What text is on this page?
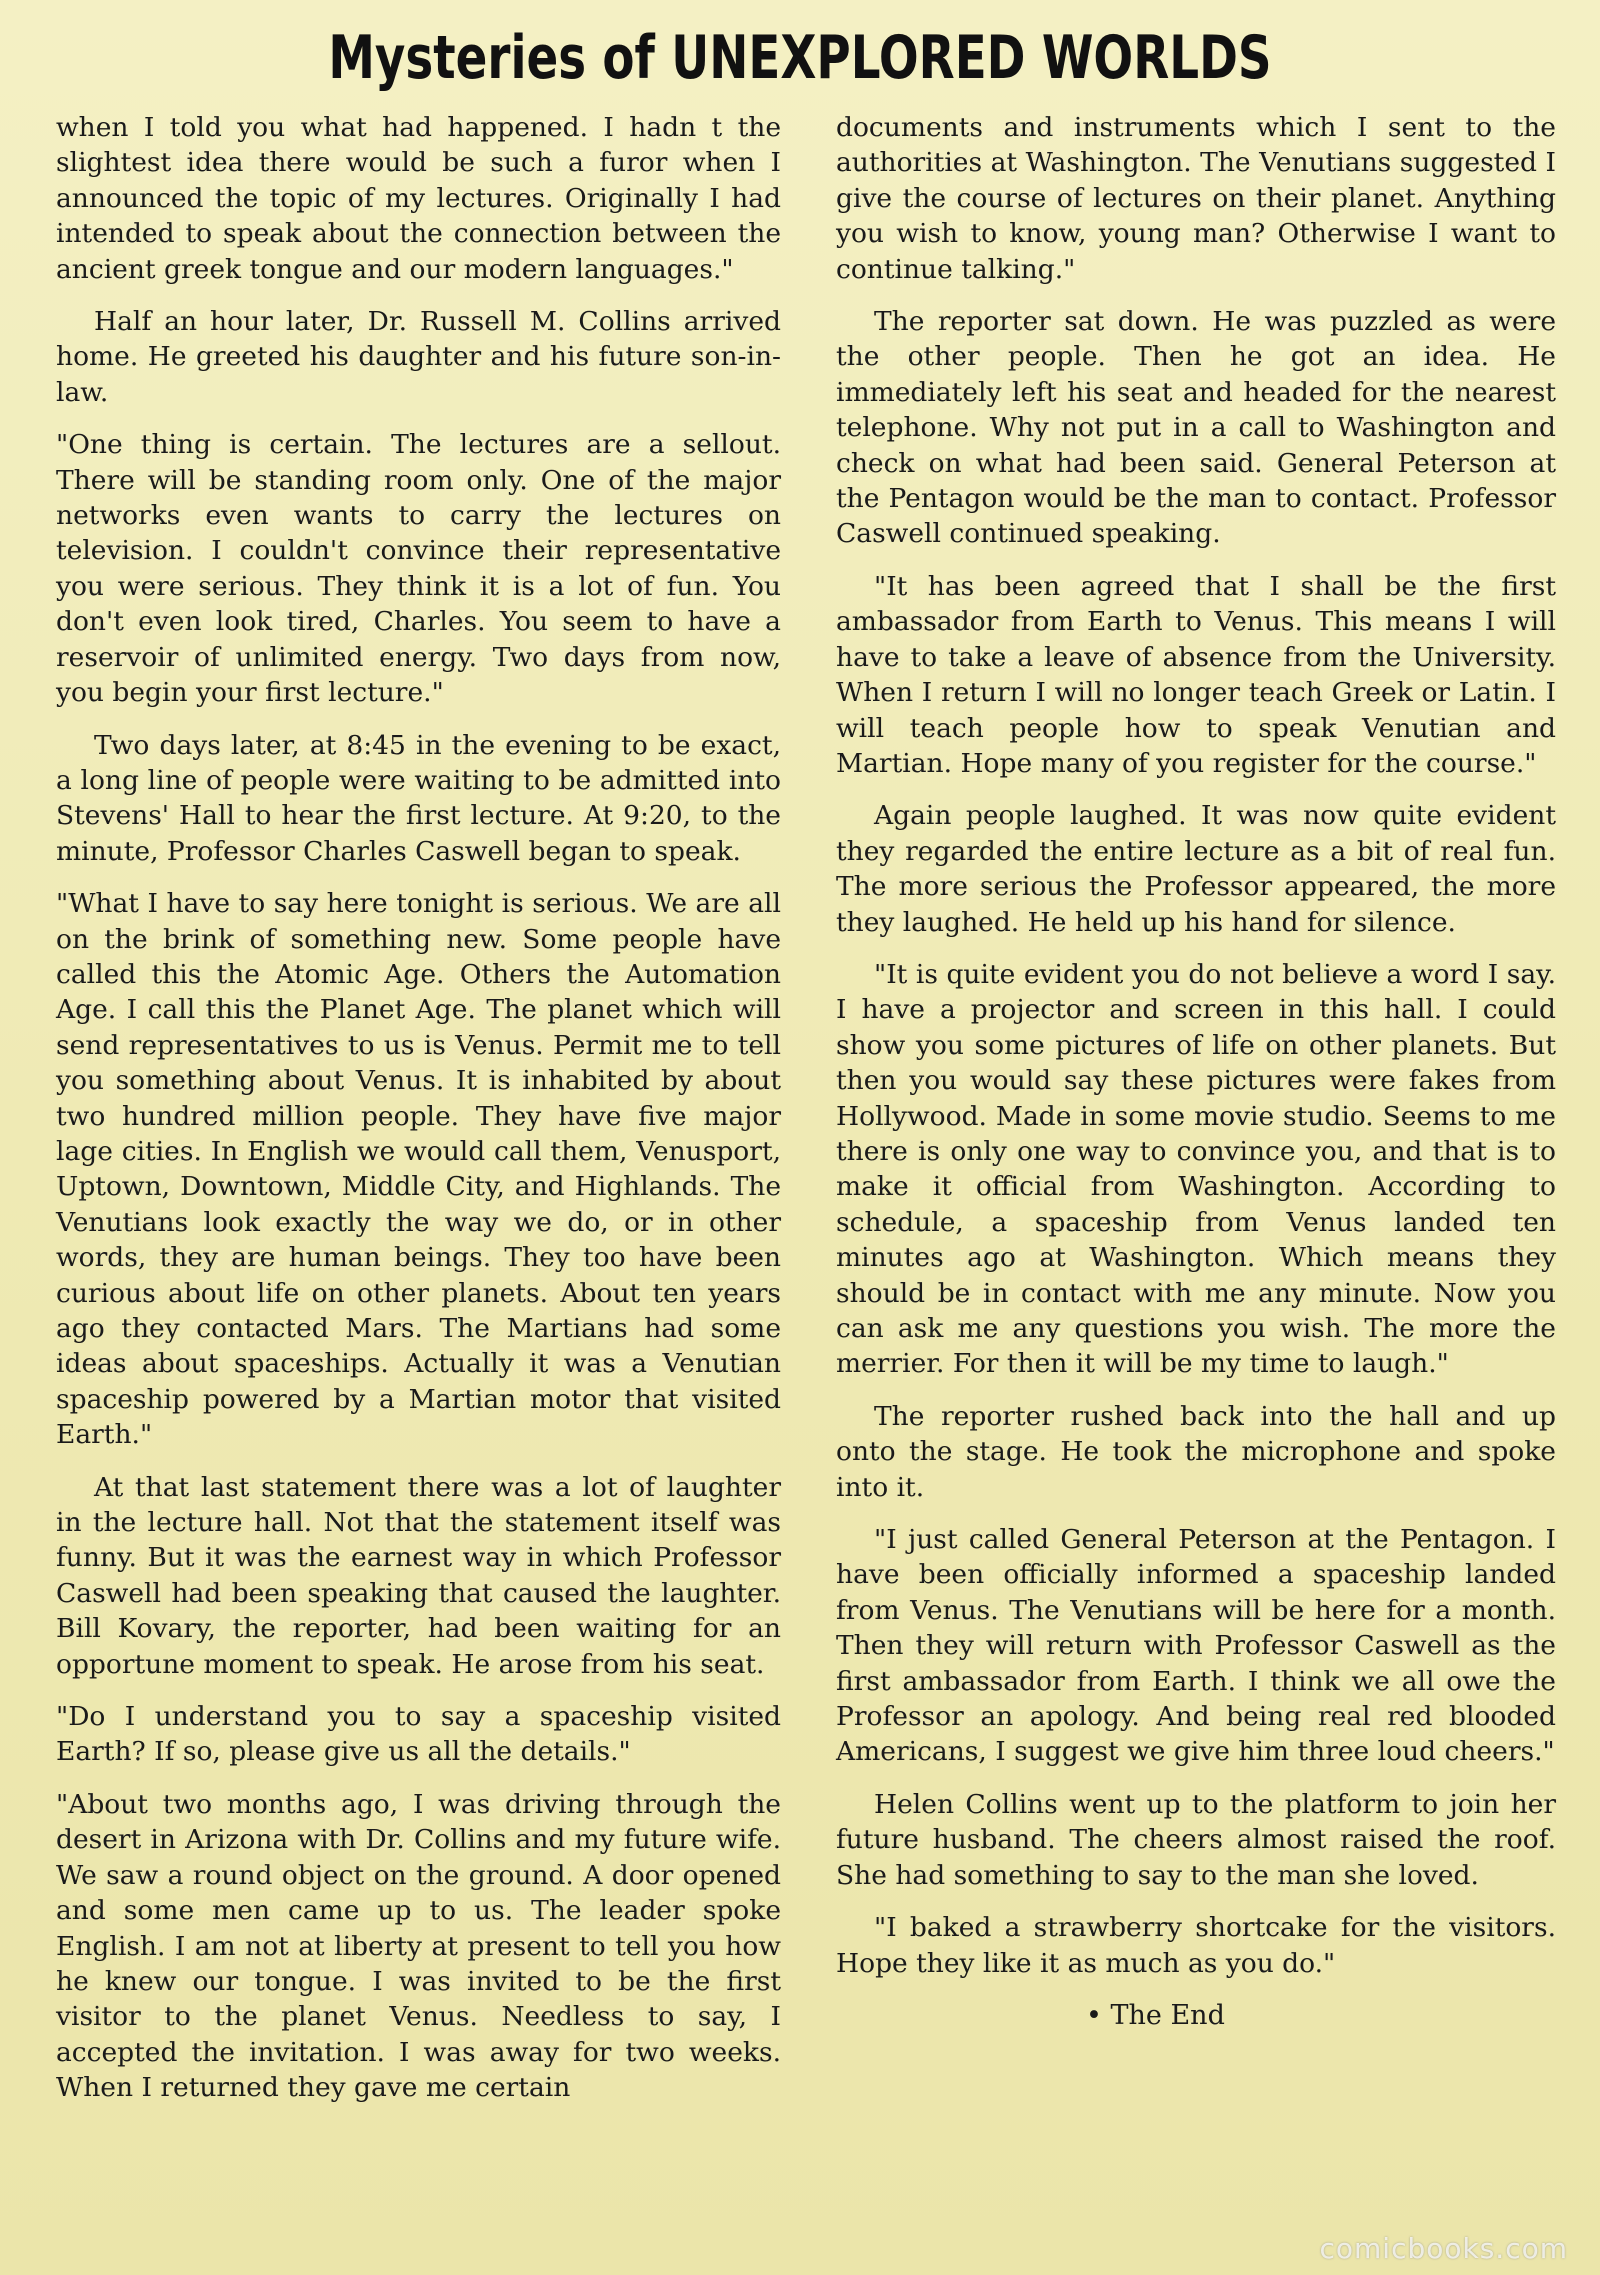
Mysteries of UNEXPLORED WORLDS

when I told you what had happened. I hadn t the slightest idea there would be such a furor when I announced the topic of my lectures. Originally I had intended to speak about the connection between the ancient greek tongue and our modern languages."

Half an hour later, Dr. Russell M. Collins arrived home. He greeted his daughter and his future son-in-law.

"One thing is certain. The lectures are a sellout. There will be standing room only. One of the major networks even wants to carry the lectures on television. I couldn't convince their representative you were serious. They think it is a lot of fun. You don't even look tired, Charles. You seem to have a reservoir of unlimited energy. Two days from now, you begin your first lecture."

Two days later, at 8:45 in the evening to be exact, a long line of people were waiting to be admitted into Stevens' Hall to hear the first lecture. At 9:20, to the minute, Professor Charles Caswell began to speak.

"What I have to say here tonight is serious. We are all on the brink of something new. Some people have called this the Atomic Age. Others the Automation Age. I call this the Planet Age. The planet which will send representatives to us is Venus. Permit me to tell you something about Venus. It is inhabited by about two hundred million people. They have five major lage cities. In English we would call them, Venusport, Uptown, Downtown, Middle City, and Highlands. The Venutians look exactly the way we do, or in other words, they are human beings. They too have been curious about life on other planets. About ten years ago they contacted Mars. The Martians had some ideas about spaceships. Actually it was a Venutian spaceship powered by a Martian motor that visited Earth."

At that last statement there was a lot of laughter in the lecture hall. Not that the statement itself was funny. But it was the earnest way in which Professor Caswell had been speaking that caused the laughter. Bill Kovary, the reporter, had been waiting for an opportune moment to speak. He arose from his seat.

"Do I understand you to say a spaceship visited Earth? If so, please give us all the details."

"About two months ago, I was driving through the desert in Arizona with Dr. Collins and my future wife. We saw a round object on the ground. A door opened and some men came up to us. The leader spoke English. I am not at liberty at present to tell you how he knew our tongue. I was invited to be the first visitor to the planet Venus. Needless to say, I accepted the invitation. I was away for two weeks. When I returned they gave me certain

documents and instruments which I sent to the authorities at Washington. The Venutians suggested I give the course of lectures on their planet. Anything you wish to know, young man? Otherwise I want to continue talking."

The reporter sat down. He was puzzled as were the other people. Then he got an idea. He immediately left his seat and headed for the nearest telephone. Why not put in a call to Washington and check on what had been said. General Peterson at the Pentagon would be the man to contact. Professor Caswell continued speaking.

"It has been agreed that I shall be the first ambassador from Earth to Venus. This means I will have to take a leave of absence from the University. When I return I will no longer teach Greek or Latin. I will teach people how to speak Venutian and Martian. Hope many of you register for the course."

Again people laughed. It was now quite evident they regarded the entire lecture as a bit of real fun. The more serious the Professor appeared, the more they laughed. He held up his hand for silence.

"It is quite evident you do not believe a word I say. I have a projector and screen in this hall. I could show you some pictures of life on other planets. But then you would say these pictures were fakes from Hollywood. Made in some movie studio. Seems to me there is only one way to convince you, and that is to make it official from Washington. According to schedule, a spaceship from Venus landed ten minutes ago at Washington. Which means they should be in contact with me any minute. Now you can ask me any questions you wish. The more the merrier. For then it will be my time to laugh."

The reporter rushed back into the hall and up onto the stage. He took the microphone and spoke into it.

"I just called General Peterson at the Pentagon. I have been officially informed a spaceship landed from Venus. The Venutians will be here for a month. Then they will return with Professor Caswell as the first ambassador from Earth. I think we all owe the Professor an apology. And being real red blooded Americans, I suggest we give him three loud cheers."

Helen Collins went up to the platform to join her future husband. The cheers almost raised the roof. She had something to say to the man she loved.

"I baked a strawberry shortcake for the visitors. Hope they like it as much as you do."

• The End
comicbooks.com
